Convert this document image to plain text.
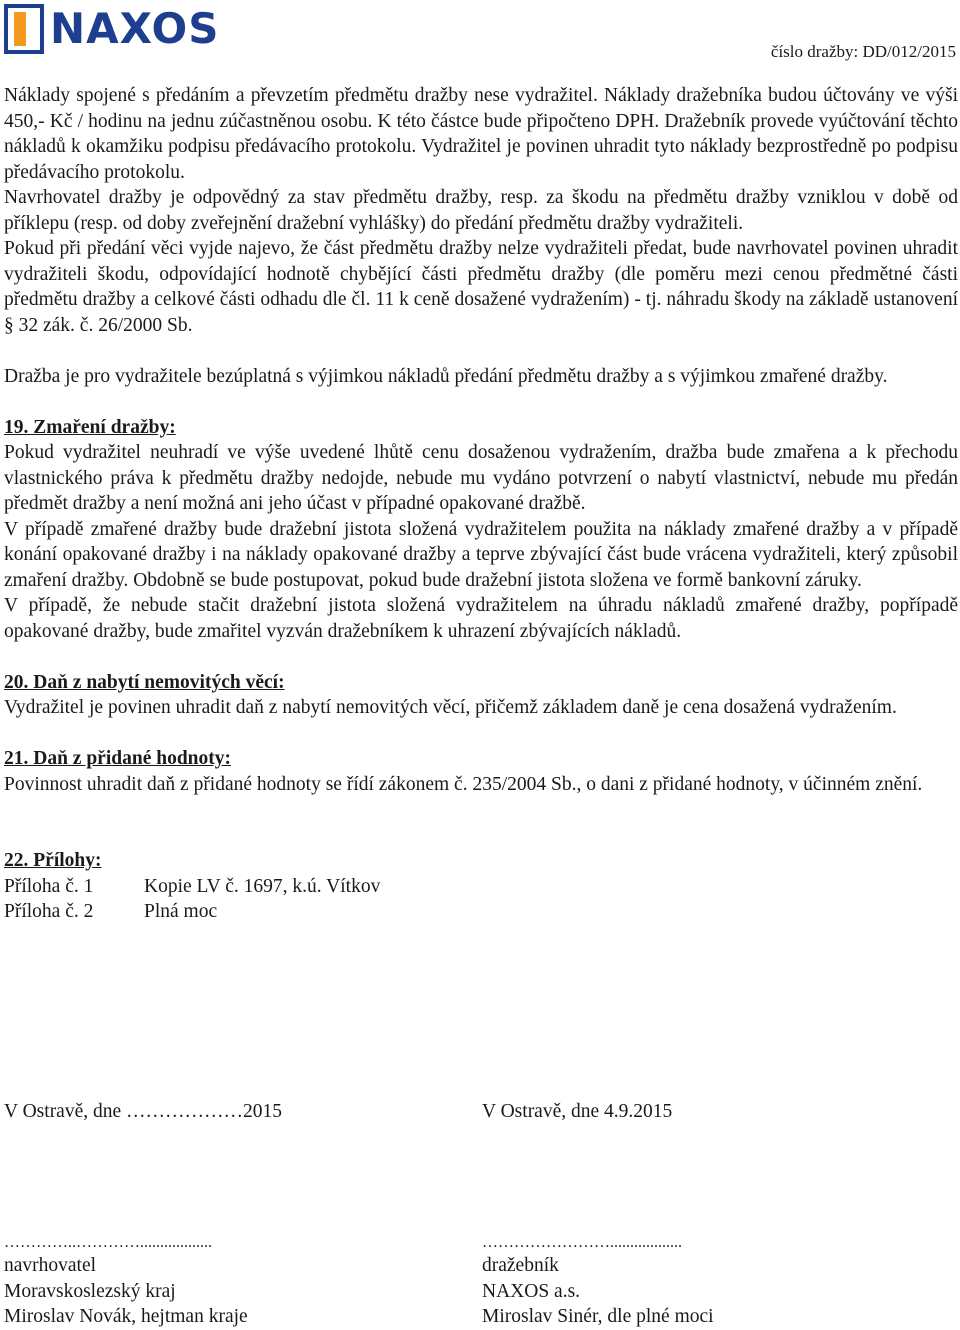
NAXOS	číslo dražby: DD/012/2015

Náklady spojené s předáním a převzetím předmětu dražby nese vydražitel. Náklady dražebníka budou účtovány ve výši 450,- Kč / hodinu na jednu zúčastněnou osobu. K této částce bude připočteno DPH. Dražebník provede vyúčtování těchto nákladů k okamžiku podpisu předávacího protokolu. Vydražitel je povinen uhradit tyto náklady bezprostředně po podpisu předávacího protokolu.

Navrhovatel dražby je odpovědný za stav předmětu dražby, resp. za škodu na předmětu dražby vzniklou v době od příklepu (resp. od doby zveřejnění dražební vyhlášky) do předání předmětu dražby vydražiteli.

Pokud při předání věci vyjde najevo, že část předmětu dražby nelze vydražiteli předat, bude navrhovatel povinen uhradit vydražiteli škodu, odpovídající hodnotě chybějící části předmětu dražby (dle poměru mezi cenou předmětné části předmětu dražby a celkové části odhadu dle čl. 11 k ceně dosažené vydražením) - tj. náhradu škody na základě ustanovení § 32 zák. č. 26/2000 Sb.

Dražba je pro vydražitele bezúplatná s výjimkou nákladů předání předmětu dražby a s výjimkou zmařené dražby.

19. Zmaření dražby:

Pokud vydražitel neuhradí ve výše uvedené lhůtě cenu dosaženou vydražením, dražba bude zmařena a k přechodu vlastnického práva k předmětu dražby nedojde, nebude mu vydáno potvrzení o nabytí vlastnictví, nebude mu předán předmět dražby a není možná ani jeho účast v případné opakované dražbě.

V případě zmařené dražby bude dražební jistota složená vydražitelem použita na náklady zmařené dražby a v případě konání opakované dražby i na náklady opakované dražby a teprve zbývající část bude vrácena vydražiteli, který způsobil zmaření dražby. Obdobně se bude postupovat, pokud bude dražební jistota složena ve formě bankovní záruky.

V případě, že nebude stačit dražební jistota složená vydražitelem na úhradu nákladů zmařené dražby, popřípadě opakované dražby, bude zmařitel vyzván dražebníkem k uhrazení zbývajících nákladů.

20. Daň z nabytí nemovitých věcí:

Vydražitel je povinen uhradit daň z nabytí nemovitých věcí, přičemž základem daně je cena dosažená vydražením.

21. Daň z přidané hodnoty:

Povinnost uhradit daň z přidané hodnoty se řídí zákonem č. 235/2004 Sb., o dani z přidané hodnoty, v účinném znění.

22. Přílohy:
Příloha č. 1	Kopie LV č. 1697, k.ú. Vítkov
Příloha č. 2	Plná moc
V Ostravě, dne ………………2015	V Ostravě, dne 4.9.2015
…………..…………..................
navrhovatel
Moravskoslezský kraj
Miroslav Novák, hejtman kraje
……………………..................
dražebník
NAXOS a.s.
Miroslav Sinér, dle plné moci
